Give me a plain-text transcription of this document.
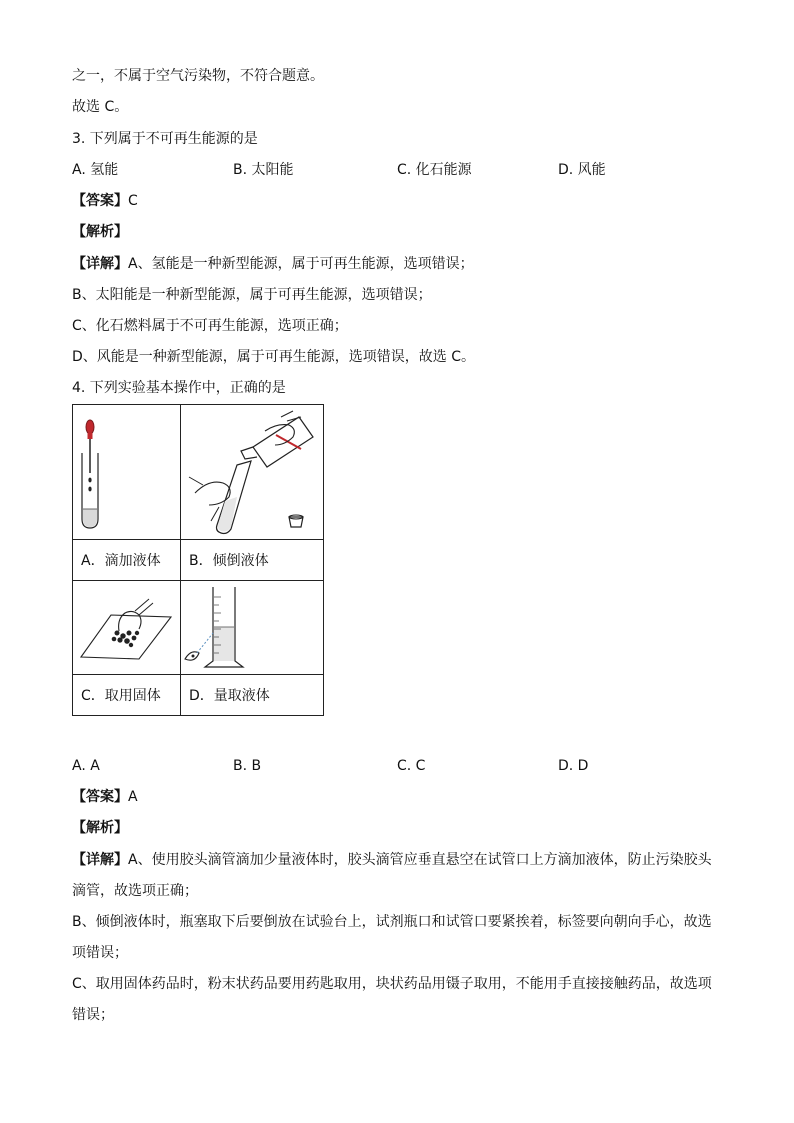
之一，不属于空气污染物，不符合题意。
故选 C。
3. 下列属于不可再生能源的是
A. 氢能	B. 太阳能	C. 化石能源	D. 风能
【答案】C
【解析】
【详解】A、氢能是一种新型能源，属于可再生能源，选项错误；
B、太阳能是一种新型能源，属于可再生能源，选项错误；
C、化石燃料属于不可再生能源，选项正确；
D、风能是一种新型能源，属于可再生能源，选项错误，故选 C。
4. 下列实验基本操作中，正确的是

A．滴加液体	B．倾倒液体

C．取用固体	D．量取液体
A. A	B. B	C. C	D. D
【答案】A
【解析】
【详解】A、使用胶头滴管滴加少量液体时，胶头滴管应垂直悬空在试管口上方滴加液体，防止污染胶头
滴管，故选项正确；
B、倾倒液体时，瓶塞取下后要倒放在试验台上，试剂瓶口和试管口要紧挨着，标签要向朝向手心，故选
项错误；
C、取用固体药品时，粉末状药品要用药匙取用，块状药品用镊子取用，不能用手直接接触药品，故选项
错误；
